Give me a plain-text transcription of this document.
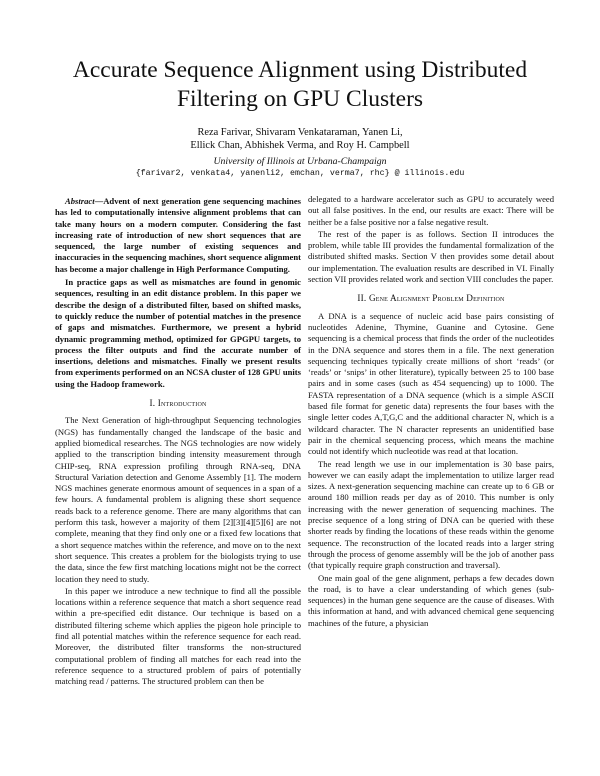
Accurate Sequence Alignment using Distributed
Filtering on GPU Clusters
Reza Farivar, Shivaram Venkataraman, Yanen Li,
Ellick Chan, Abhishek Verma, and Roy H. Campbell
University of Illinois at Urbana-Champaign
{farivar2, venkata4, yanenli2, emchan, verma7, rhc} @ illinois.edu

Abstract—Advent of next generation gene sequencing machines has led to computationally intensive alignment problems that can take many hours on a modern computer. Considering the fast increasing rate of introduction of new short sequences that are sequenced, the large number of existing sequences and inaccuracies in the sequencing machines, short sequence alignment has become a major challenge in High Performance Computing.

In practice gaps as well as mismatches are found in genomic sequences, resulting in an edit distance problem. In this paper we describe the design of a distributed filter, based on shifted masks, to quickly reduce the number of potential matches in the presence of gaps and mismatches. Furthermore, we present a hybrid dynamic programming method, optimized for GPGPU targets, to process the filter outputs and find the accurate number of insertions, deletions and mismatches. Finally we present results from experiments performed on an NCSA cluster of 128 GPU units using the Hadoop framework.

I. Introduction

The Next Generation of high-throughput Sequencing technologies (NGS) has fundamentally changed the landscape of the basic and applied biomedical researches. The NGS technologies are now widely applied to the transcription binding intensity measurement through CHIP-seq, RNA expression profiling through RNA-seq, DNA Structural Variation detection and Genome Assembly [1]. The modern NGS machines generate enormous amount of sequences in a span of a few hours. A fundamental problem is aligning these short sequence reads back to a reference genome. There are many algorithms that can perform this task, however a majority of them [2][3][4][5][6] are not complete, meaning that they find only one or a fixed few locations that a short sequence matches within the reference, and move on to the next short sequence. This creates a problem for the biologists trying to use the data, since the few first matching locations might not be the correct location they need to study.

In this paper we introduce a new technique to find all the possible locations within a reference sequence that match a short sequence read within a pre-specified edit distance. Our technique is based on a distributed filtering scheme which applies the pigeon hole principle to find all potential matches within the reference sequence for each read. Moreover, the distributed filter transforms the non-structured computational problem of finding all matches for each read into the reference sequence to a structured problem of pairs of potentially matching read / patterns. The structured problem can then be

delegated to a hardware accelerator such as GPU to accurately weed out all false positives. In the end, our results are exact: There will be neither be a false positive nor a false negative result.

The rest of the paper is as follows. Section II introduces the problem, while table III provides the fundamental formalization of the distributed shifted masks. Section V then provides some detail about our implementation. The evaluation results are described in VI. Finally section VII provides related work and section VIII concludes the paper.

II. Gene Alignment Problem Definition

A DNA is a sequence of nucleic acid base pairs consisting of nucleotides Adenine, Thymine, Guanine and Cytosine. Gene sequencing is a chemical process that finds the order of the nucleotides in the DNA sequence and stores them in a file. The next generation sequencing techniques typically create millions of short ‘reads’ (or ‘reads’ or ‘snips’ in other literature), typically between 25 to 100 base pairs and in some cases (such as 454 sequencing) up to 1000. The FASTA representation of a DNA sequence (which is a simple ASCII based file format for genetic data) represents the four bases with the single letter codes A,T,G,C and the additional character N, which is a wildcard character. The N character represents an unidentified base pair in the chemical sequencing process, which means the machine could not identify which nucleotide was read at that location.

The read length we use in our implementation is 30 base pairs, however we can easily adapt the implementation to utilize larger read sizes. A next-generation sequencing machine can create up to 6 GB or around 180 million reads per day as of 2010. This number is only increasing with the newer generation of sequencing machines. The precise sequence of a long string of DNA can be queried with these shorter reads by finding the locations of these reads within the genome sequence. The reconstruction of the located reads into a larger string through the process of genome assembly will be the job of another pass (that typically require graph construction and traversal).

One main goal of the gene alignment, perhaps a few decades down the road, is to have a clear understanding of which genes (sub-sequences) in the human gene sequence are the cause of diseases. With this information at hand, and with advanced chemical gene sequencing machines of the future, a physician
